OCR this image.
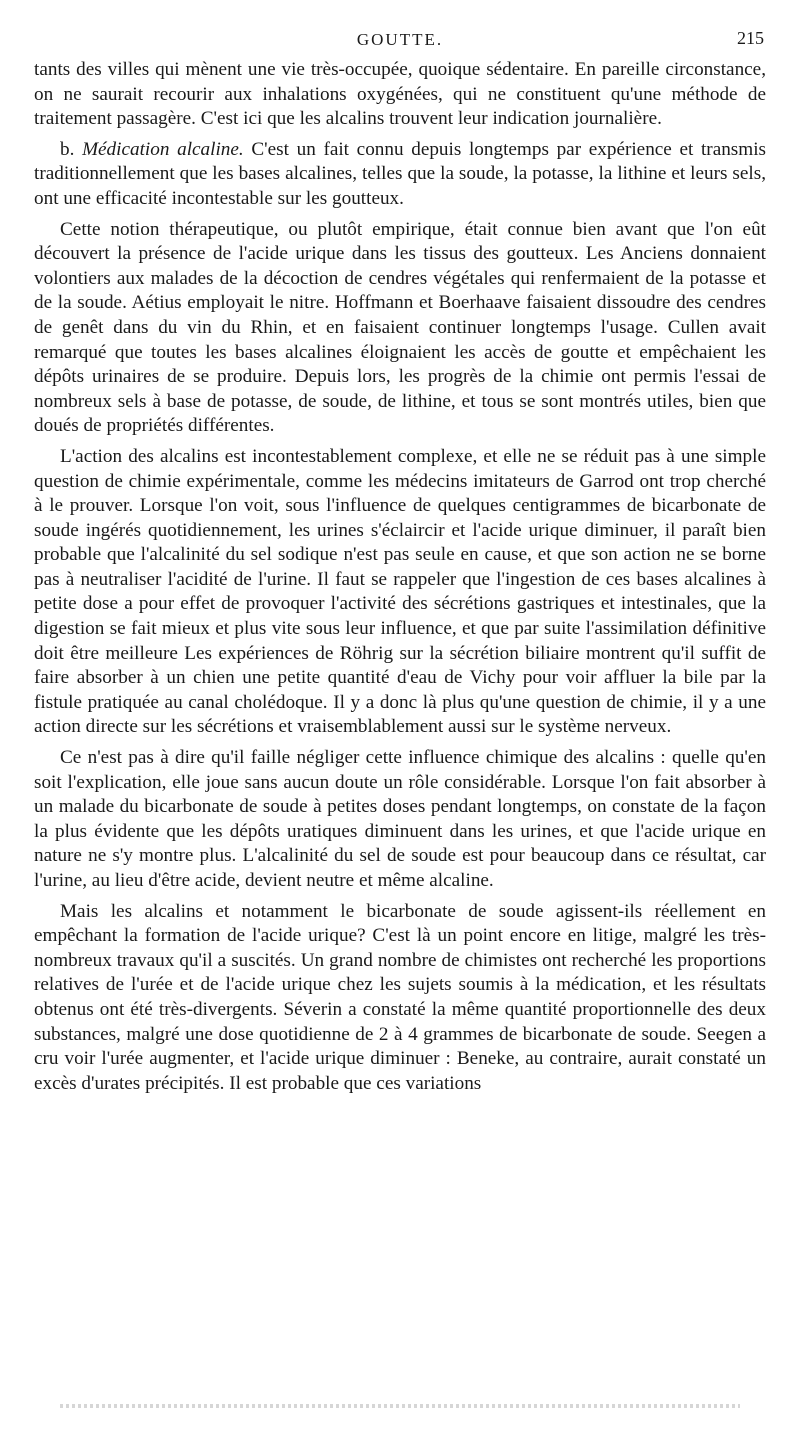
GOUTTE.	215

tants des villes qui mènent une vie très-occupée, quoique sédentaire. En pareille circonstance, on ne saurait recourir aux inhalations oxygénées, qui ne constituent qu'une méthode de traitement passagère. C'est ici que les alcalins trouvent leur indication journalière.

b. Médication alcaline. C'est un fait connu depuis longtemps par expérience et transmis traditionnellement que les bases alcalines, telles que la soude, la potasse, la lithine et leurs sels, ont une efficacité incontestable sur les goutteux.

Cette notion thérapeutique, ou plutôt empirique, était connue bien avant que l'on eût découvert la présence de l'acide urique dans les tissus des goutteux. Les Anciens donnaient volontiers aux malades de la décoction de cendres végétales qui renfermaient de la potasse et de la soude. Aétius employait le nitre. Hoffmann et Boerhaave faisaient dissoudre des cendres de genêt dans du vin du Rhin, et en faisaient continuer longtemps l'usage. Cullen avait remarqué que toutes les bases alcalines éloignaient les accès de goutte et empêchaient les dépôts urinaires de se produire. Depuis lors, les progrès de la chimie ont permis l'essai de nombreux sels à base de potasse, de soude, de lithine, et tous se sont montrés utiles, bien que doués de propriétés différentes.

L'action des alcalins est incontestablement complexe, et elle ne se réduit pas à une simple question de chimie expérimentale, comme les médecins imitateurs de Garrod ont trop cherché à le prouver. Lorsque l'on voit, sous l'influence de quelques centigrammes de bicarbonate de soude ingérés quotidiennement, les urines s'éclaircir et l'acide urique diminuer, il paraît bien probable que l'alcalinité du sel sodique n'est pas seule en cause, et que son action ne se borne pas à neutraliser l'acidité de l'urine. Il faut se rappeler que l'ingestion de ces bases alcalines à petite dose a pour effet de provoquer l'activité des sécrétions gastriques et intestinales, que la digestion se fait mieux et plus vite sous leur influence, et que par suite l'assimilation définitive doit être meilleure Les expériences de Röhrig sur la sécrétion biliaire montrent qu'il suffit de faire absorber à un chien une petite quantité d'eau de Vichy pour voir affluer la bile par la fistule pratiquée au canal cholédoque. Il y a donc là plus qu'une question de chimie, il y a une action directe sur les sécrétions et vraisemblablement aussi sur le système nerveux.

Ce n'est pas à dire qu'il faille négliger cette influence chimique des alcalins : quelle qu'en soit l'explication, elle joue sans aucun doute un rôle considérable. Lorsque l'on fait absorber à un malade du bicarbonate de soude à petites doses pendant longtemps, on constate de la façon la plus évidente que les dépôts uratiques diminuent dans les urines, et que l'acide urique en nature ne s'y montre plus. L'alcalinité du sel de soude est pour beaucoup dans ce résultat, car l'urine, au lieu d'être acide, devient neutre et même alcaline.

Mais les alcalins et notamment le bicarbonate de soude agissent-ils réellement en empêchant la formation de l'acide urique? C'est là un point encore en litige, malgré les très-nombreux travaux qu'il a suscités. Un grand nombre de chimistes ont recherché les proportions relatives de l'urée et de l'acide urique chez les sujets soumis à la médication, et les résultats obtenus ont été très-divergents. Séverin a constaté la même quantité proportionnelle des deux substances, malgré une dose quotidienne de 2 à 4 grammes de bicarbonate de soude. Seegen a cru voir l'urée augmenter, et l'acide urique diminuer : Beneke, au contraire, aurait constaté un excès d'urates précipités. Il est probable que ces variations
